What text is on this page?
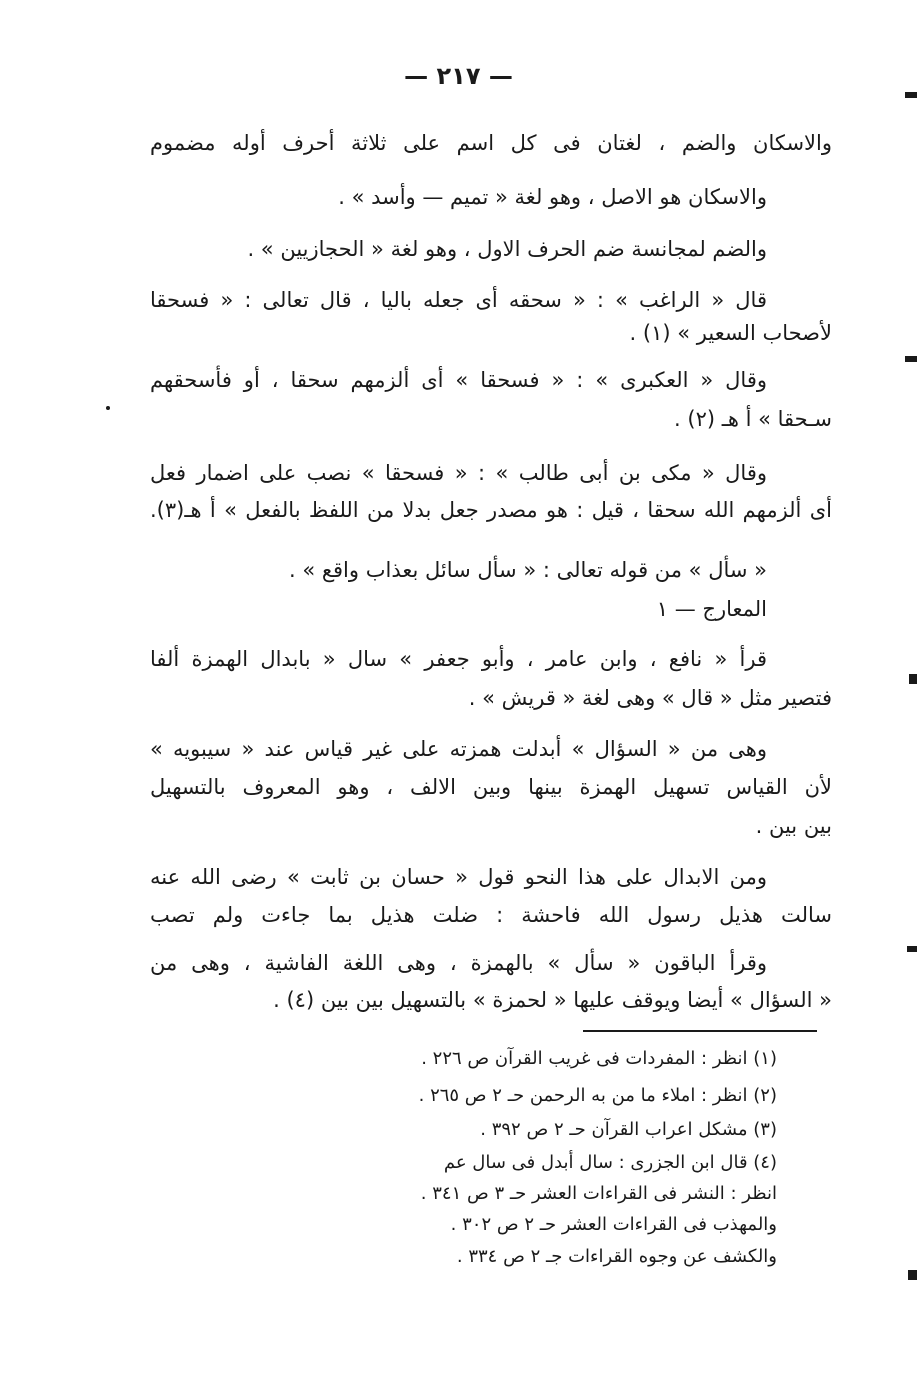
— ٢١٧ —
والاسكان والضم ، لغتان فى كل اسم على ثلاثة أحرف أوله مضموم
والاسكان هو الاصل ، وهو لغة « تميم — وأسد » .
والضم لمجانسة ضم الحرف الاول ، وهو لغة « الحجازيين » .
قال « الراغب » : « سحقه أى جعله باليا ، قال تعالى : « فسحقا
لأصحاب السعير » (١) .
وقال « العكبرى » : « فسحقا » أى ألزمهم سحقا ، أو فأسحقهم
سـحقا » أ هـ (٢) .
وقال « مكى بن أبى طالب » : « فسحقا » نصب على اضمار فعل
أى ألزمهم الله سحقا ، قيل : هو مصدر جعل بدلا من اللفظ بالفعل » أ هـ(٣).
« سأل » من قوله تعالى : « سأل سائل بعذاب واقع » .
المعارج — ١
قرأ « نافع ، وابن عامر ، وأبو جعفر » سال « بابدال الهمزة ألفا
فتصير مثل « قال » وهى لغة « قريش » .
وهى من « السؤال » أبدلت همزته على غير قياس عند « سيبويه »
لأن القياس تسهيل الهمزة بينها وبين الالف ، وهو المعروف بالتسهيل
بين بين .
ومن الابدال على هذا النحو قول « حسان بن ثابت » رضى الله عنه
سالت هذيل رسول الله فاحشة : ضلت هذيل بما جاءت ولم تصب
وقرأ الباقون « سأل » بالهمزة ، وهى اللغة الفاشية ، وهى من
« السؤال » أيضا ويوقف عليها « لحمزة » بالتسهيل بين بين (٤) .
(١) انظر : المفردات فى غريب القرآن ص ٢٢٦ .
(٢) انظر : املاء ما من به الرحمن حـ ٢ ص ٢٦٥ .
(٣) مشكل اعراب القرآن حـ ٢ ص ٣٩٢ .
(٤) قال ابن الجزرى : سال أبدل فى سال عم
انظر : النشر فى القراءات العشر حـ ٣ ص ٣٤١ .
والمهذب فى القراءات العشر حـ ٢ ص ٣٠٢ .
والكشف عن وجوه القراءات جـ ٢ ص ٣٣٤ .
